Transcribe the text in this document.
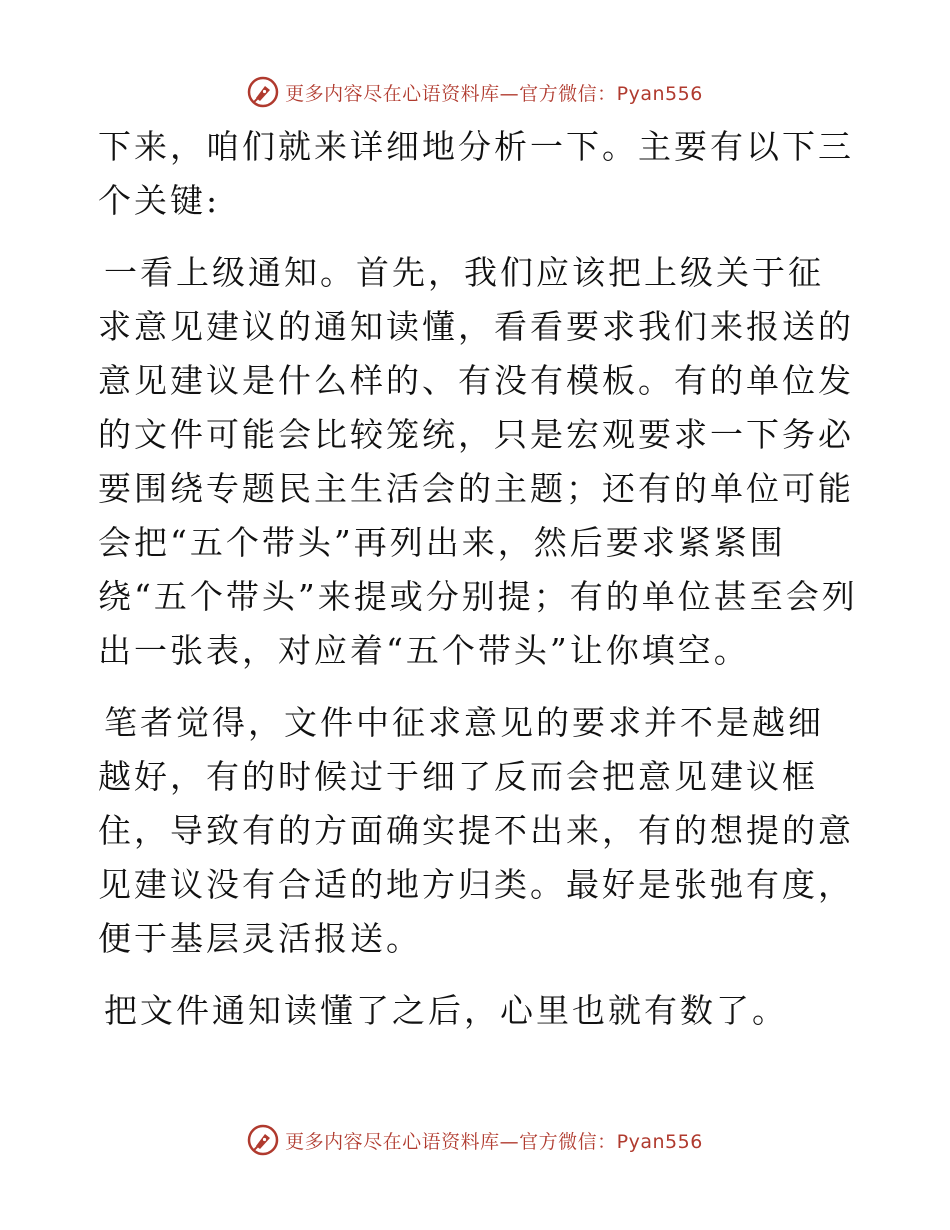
更多内容尽在心语资料库—官方微信：Pyan556

下来，咱们就来详细地分析一下。主要有以下三个关键:

一看上级通知。首先，我们应该把上级关于征求意见建议的通知读懂，看看要求我们来报送的意见建议是什么样的、有没有模板。有的单位发的文件可能会比较笼统，只是宏观要求一下务必要围绕专题民主生活会的主题；还有的单位可能会把“五个带头”再列出来，然后要求紧紧围绕“五个带头”来提或分别提；有的单位甚至会列出一张表，对应着“五个带头”让你填空。

笔者觉得，文件中征求意见的要求并不是越细越好，有的时候过于细了反而会把意见建议框住，导致有的方面确实提不出来，有的想提的意见建议没有合适的地方归类。最好是张弛有度，便于基层灵活报送。

把文件通知读懂了之后，心里也就有数了。

更多内容尽在心语资料库—官方微信：Pyan556
